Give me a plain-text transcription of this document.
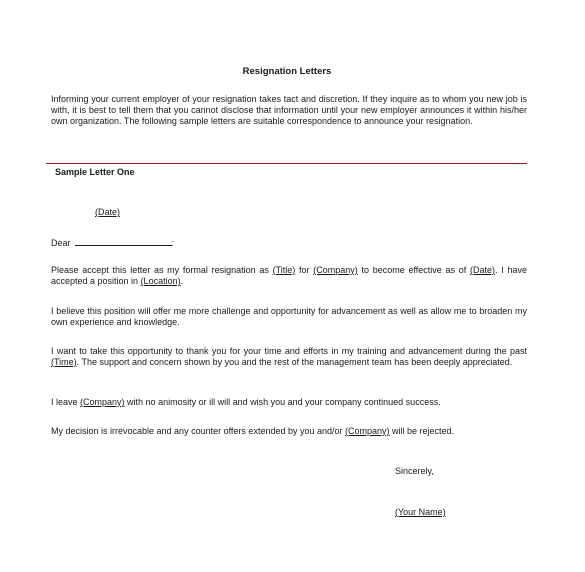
Resignation Letters

Informing your current employer of your resignation takes tact and discretion. If they inquire as to whom you new job is with, it is best to tell them that you cannot disclose that information until your new employer announces it within his/her own organization. The following sample letters are suitable correspondence to announce your resignation.

Sample Letter One

(Date)

Dear	:

Please accept this letter as my formal resignation as (Title) for (Company) to become effective as of (Date). I have accepted a position in (Location).

I believe this position will offer me more challenge and opportunity for advancement as well as allow me to broaden my own experience and knowledge.

I want to take this opportunity to thank you for your time and efforts in my training and advancement during the past (Time). The support and concern shown by you and the rest of the management team has been deeply appreciated.

I leave (Company) with no animosity or ill will and wish you and your company continued success.

My decision is irrevocable and any counter offers extended by you and/or (Company) will be rejected.

Sincerely,

(Your Name)
